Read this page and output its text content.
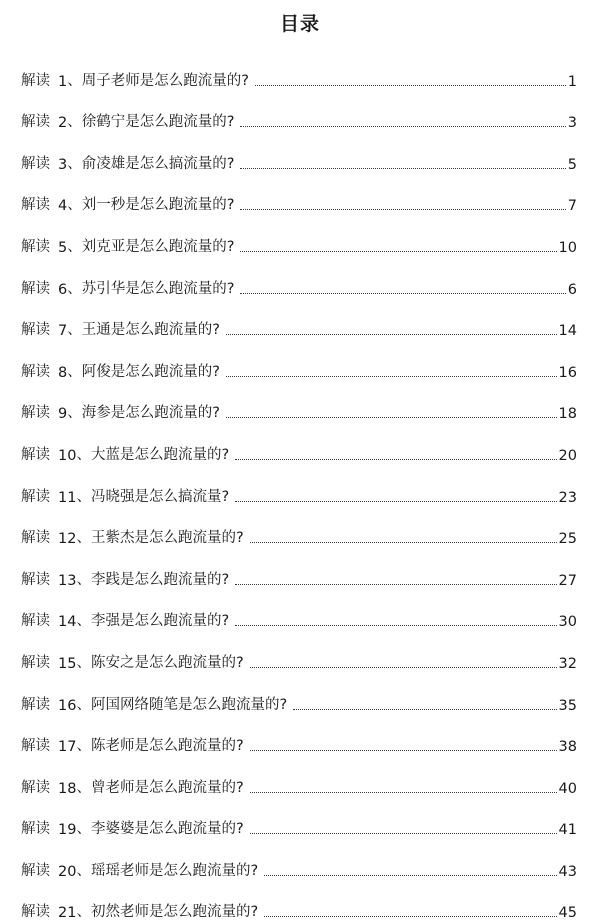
目录
解读 1 、 周子老师是怎么跑流量的?	1
解读 2 、 徐鹤宁是怎么跑流量的?	3
解读 3 、 俞凌雄是怎么搞流量的?	5
解读 4 、 刘一秒是怎么跑流量的?	7
解读 5 、 刘克亚是怎么跑流量的?	10
解读 6 、 苏引华是怎么跑流量的?	6
解读 7 、 王通是怎么跑流量的?	14
解读 8 、 阿俊是怎么跑流量的?	16
解读 9 、 海参是怎么跑流量的?	18
解读 10 、 大蓝是怎么跑流量的?	20
解读 11 、 冯晓强是怎么搞流量?	23
解读 12 、 王紫杰是怎么跑流量的?	25
解读 13 、 李践是怎么跑流量的?	27
解读 14 、 李强是怎么跑流量的?	30
解读 15 、 陈安之是怎么跑流量的?	32
解读 16 、 阿国网络随笔是怎么跑流量的?	35
解读 17 、 陈老师是怎么跑流量的?	38
解读 18 、 曾老师是怎么跑流量的?	40
解读 19 、 李婆婆是怎么跑流量的?	41
解读 20 、 瑶瑶老师是怎么跑流量的?	43
解读 21 、 初然老师是怎么跑流量的?	45
